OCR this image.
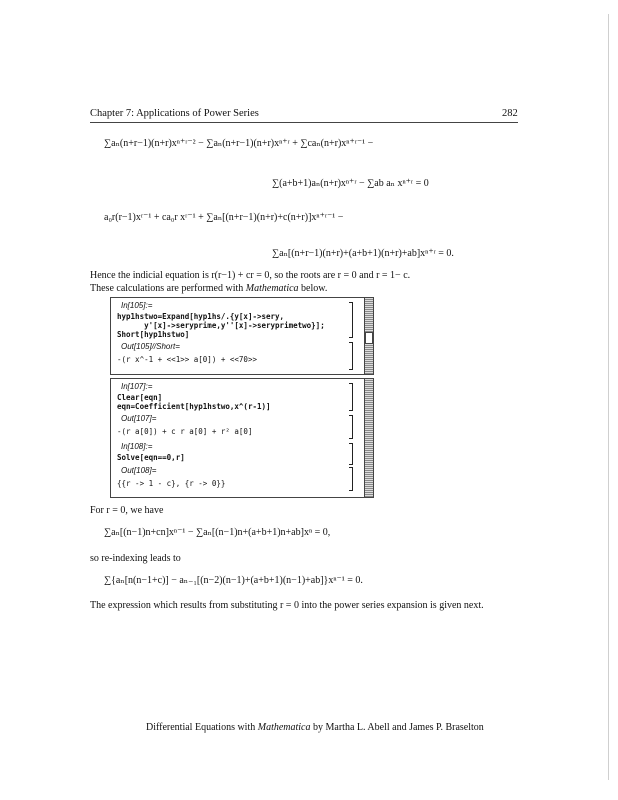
Chapter 7: Applications of Power Series	282
∑aₙ(n+r−1)(n+r)xⁿ⁺ʳ⁻² − ∑aₙ(n+r−1)(n+r)xⁿ⁺ʳ + ∑caₙ(n+r)xⁿ⁺ʳ⁻¹ −
∑(a+b+1)aₙ(n+r)xⁿ⁺ʳ − ∑ab aₙ xⁿ⁺ʳ = 0
a₀r(r−1)xʳ⁻¹ + ca₀r xʳ⁻¹ + ∑aₙ[(n+r−1)(n+r)+c(n+r)]xⁿ⁺ʳ⁻¹ −
∑aₙ[(n+r−1)(n+r)+(a+b+1)(n+r)+ab]xⁿ⁺ʳ = 0.
Hence the indicial equation is r(r−1) + cr = 0, so the roots are r = 0 and r = 1− c.
These calculations are performed with Mathematica below.
In[105]:=
hyp1hstwo=Expand[hyp1hs/.{y[x]->sery,
y'[x]->seryprime,y''[x]->seryprimetwo}];
Short[hyp1hstwo]
Out[105]//Short=
-(r x^-1 + <<1>> a[0]) + <<70>>
In[107]:=
Clear[eqn]
eqn=Coefficient[hyp1hstwo,x^(r-1)]
Out[107]=
-(r a[0]) + c r a[0] + r² a[0]
In[108]:=
Solve[eqn==0,r]
Out[108]=
{{r -> 1 - c}, {r -> 0}}
For r = 0, we have
∑aₙ[(n−1)n+cn]xⁿ⁻¹ − ∑aₙ[(n−1)n+(a+b+1)n+ab]xⁿ = 0,
so re-indexing leads to
∑{aₙ[n(n−1+c)] − aₙ₋₁[(n−2)(n−1)+(a+b+1)(n−1)+ab]}xⁿ⁻¹ = 0.
The expression which results from substituting r = 0 into the power series expansion is given next.
Differential Equations with Mathematica by Martha L. Abell and James P. Braselton
